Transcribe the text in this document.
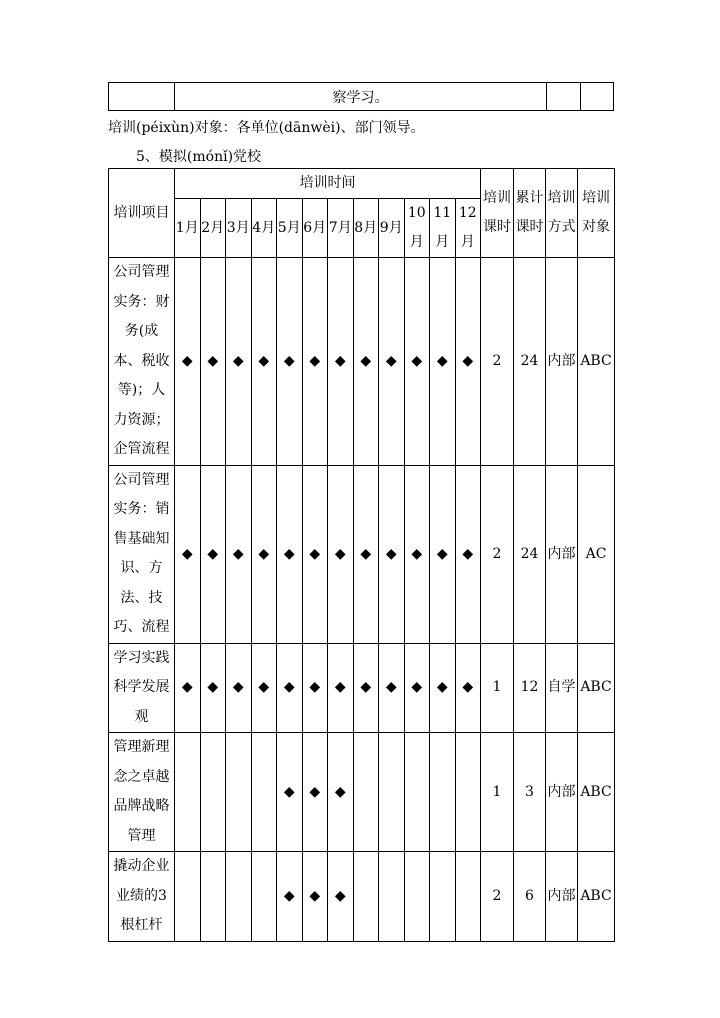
	察学习。		
培训(péixùn)对象：各单位(dānwèi)、部门领导。
5、模拟(mónǐ)党校
培训项目	培训时间												培训课时	累计课时	培训方式	培训对象
	1月	2月	3月	4月	5月	6月	7月	8月	9月	10月	11月	12月				
公司管理实务：财务(成本、税收等)；人力资源；企管流程	◆	◆	◆	◆	◆	◆	◆	◆	◆	◆	◆	◆	2	24	内部	ABC
公司管理实务：销售基础知识、方法、技巧、流程	◆	◆	◆	◆	◆	◆	◆	◆	◆	◆	◆	◆	2	24	内部	AC
学习实践科学发展观	◆	◆	◆	◆	◆	◆	◆	◆	◆	◆	◆	◆	1	12	自学	ABC
管理新理念之卓越品牌战略管理					◆	◆	◆						1	3	内部	ABC
撬动企业业绩的3根杠杆					◆	◆	◆						2	6	内部	ABC
